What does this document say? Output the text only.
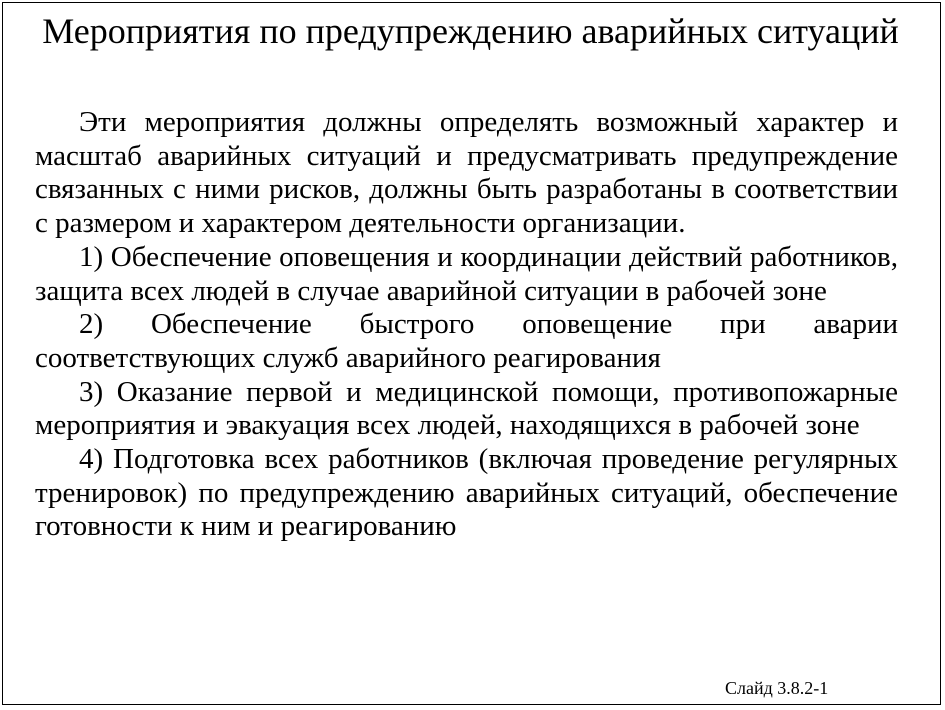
Мероприятия по предупреждению аварийных ситуаций

Эти мероприятия должны определять возможный характер и масштаб аварийных ситуаций и предусматривать предупреждение связанных с ними рисков, должны быть разработаны в соответствии с размером и характером деятельности организации.

1) Обеспечение оповещения и координации действий работников, защита всех людей в случае аварийной ситуации в рабочей зоне

2) Обеспечение быстрого оповещение при аварии соответствующих служб аварийного реагирования

3) Оказание первой и медицинской помощи, противопожарные мероприятия и эвакуация всех людей, находящихся в рабочей зоне

4) Подготовка всех работников (включая проведение регулярных тренировок) по предупреждению аварийных ситуаций, обеспечение готовности к ним и реагированию

Слайд 3.8.2-1
